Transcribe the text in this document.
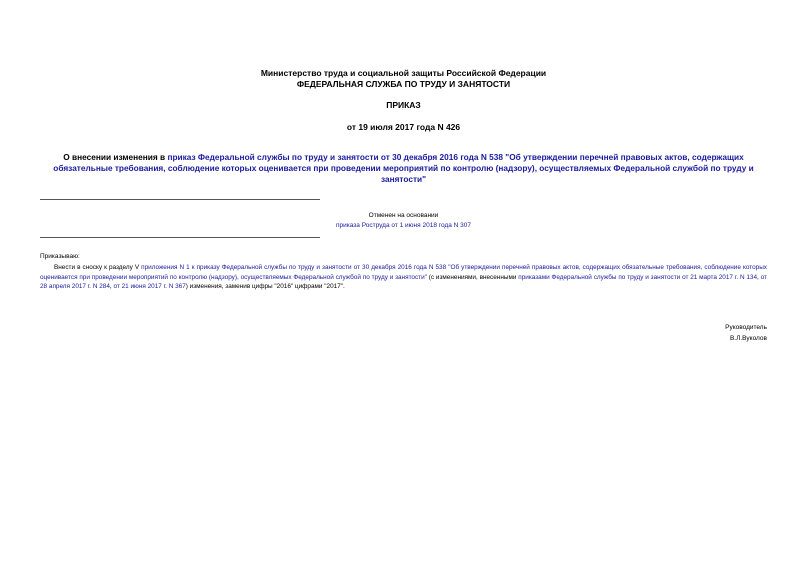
Министерство труда и социальной защиты Российской Федерации
ФЕДЕРАЛЬНАЯ СЛУЖБА ПО ТРУДУ И ЗАНЯТОСТИ
ПРИКАЗ
от 19 июля 2017 года N 426
О внесении изменения в приказ Федеральной службы по труду и занятости от 30 декабря 2016 года N 538 "Об утверждении перечней правовых актов, содержащих обязательные требования, соблюдение которых оценивается при проведении мероприятий по контролю (надзору), осуществляемых Федеральной службой по труду и занятости"
Отменен на основании
приказа Роструда от 1 июня 2018 года N 307
Приказываю:
Внести в сноску к разделу V приложения N 1 к приказу Федеральной службы по труду и занятости от 30 декабря 2016 года N 538 "Об утверждении перечней правовых актов, содержащих обязательные требования, соблюдение которых оценивается при проведении мероприятий по контролю (надзору), осуществляемых Федеральной службой по труду и занятости" (с изменениями, внесенными приказами Федеральной службы по труду и занятости от 21 марта 2017 г. N 134, от 28 апреля 2017 г. N 284, от 21 июня 2017 г. N 367) изменения, заменив цифры "2016" цифрами "2017".
Руководитель
В.Л.Вуколов
